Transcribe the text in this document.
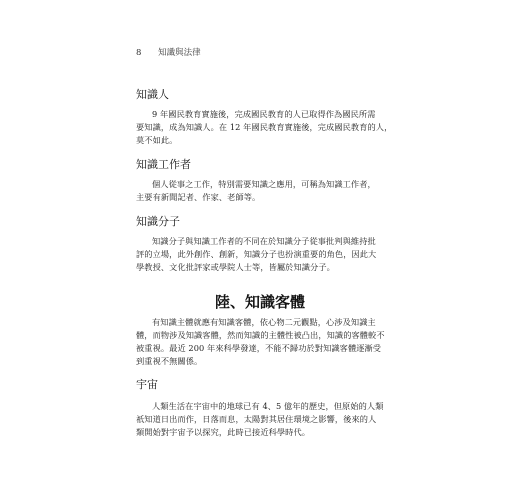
8 知識與法律
知識人

9 年國民教育實施後，完成國民教育的人已取得作為國民所需
要知識，成為知識人。在 12 年國民教育實施後，完成國民教育的人，
莫不如此。

知識工作者

個人從事之工作，特別需要知識之應用，可稱為知識工作者，
主要有新聞記者、作家、老師等。

知識分子

知識分子與知識工作者的不同在於知識分子從事批判與維持批
評的立場，此外創作、創新，知識分子也扮演重要的角色，因此大
學教授、文化批評家或學院人士等，皆屬於知識分子。

陸、知識客體

有知識主體就應有知識客體，依心物二元觀點，心涉及知識主
體，而物涉及知識客體，然而知識的主體性被凸出，知識的客體較不
被重視。最近 200 年來科學發達，不能不歸功於對知識客體逐漸受
到重視不無關係。

宇宙

人類生活在宇宙中的地球已有 4、5 億年的歷史，但原始的人類
祇知道日出而作，日落而息，太陽對其居住環境之影響，後來的人
類開始對宇宙予以探究，此時已接近科學時代。
